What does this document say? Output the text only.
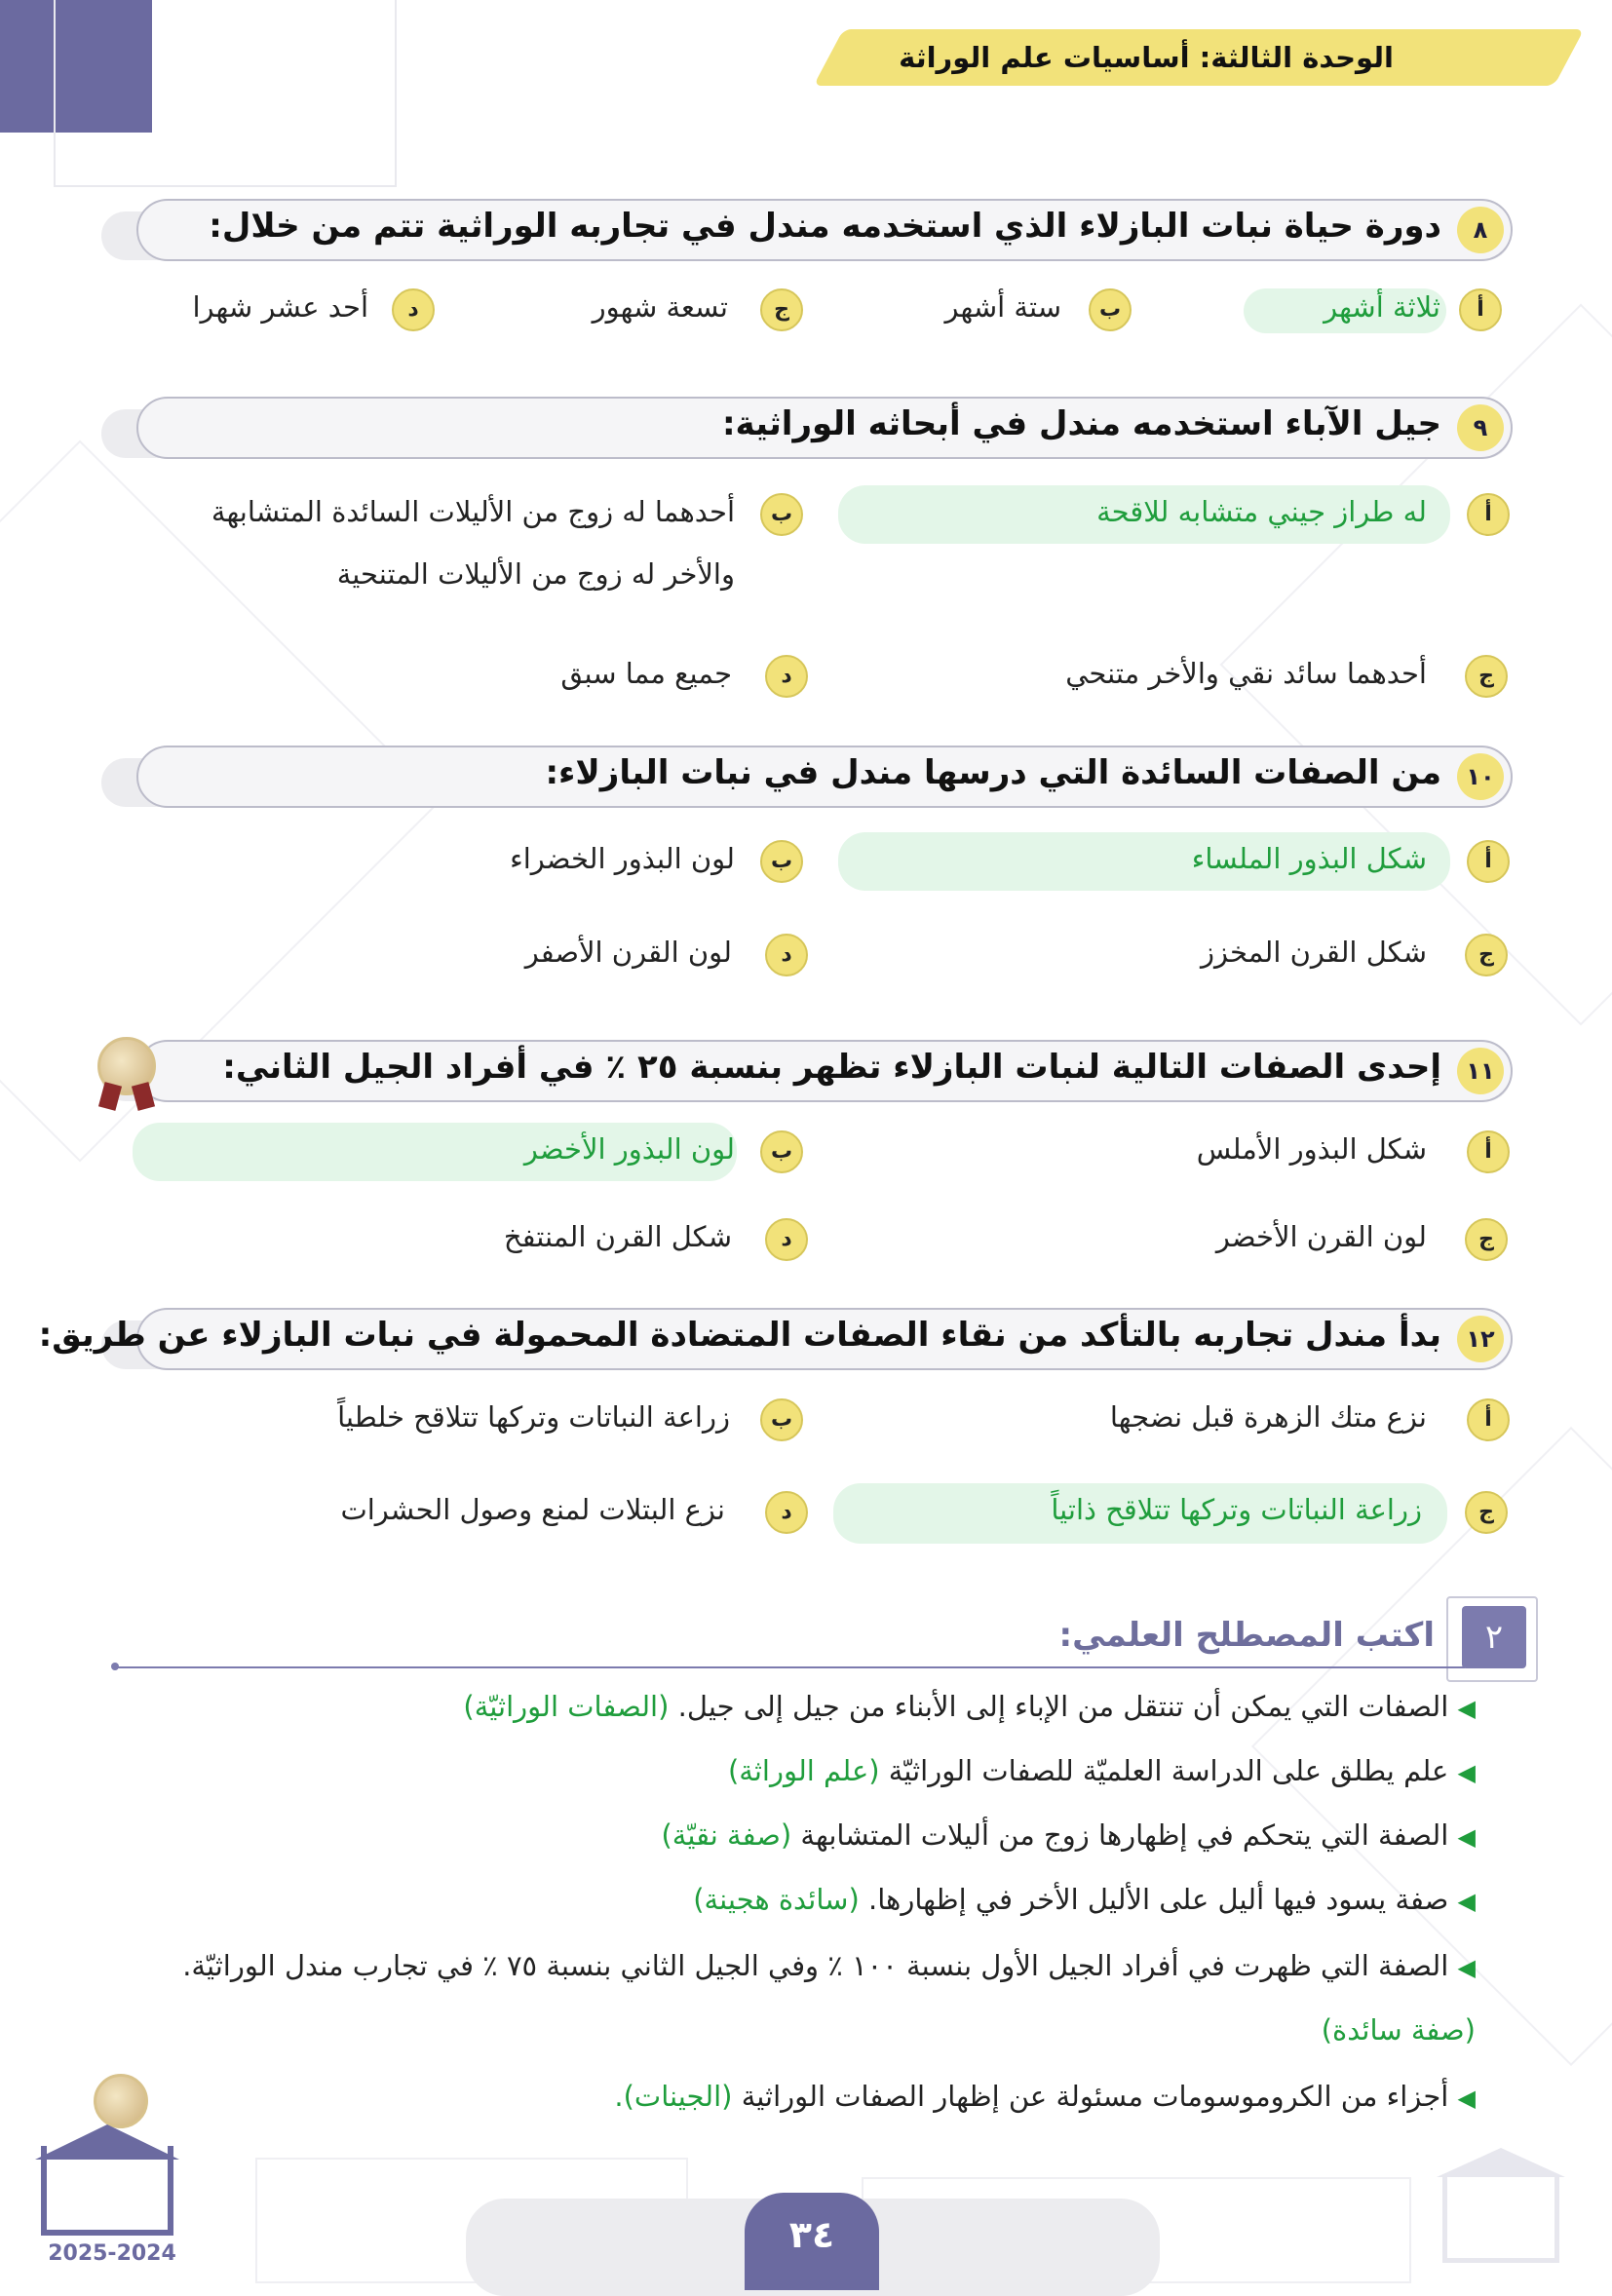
الوحدة الثالثة: أساسيات علم الوراثة
٨
دورة حياة نبات البازلاء الذي استخدمه مندل في تجاربه الوراثية تتم من خلال:
أ
ثلاثة أشهر
ب
ستة أشهر
ج
تسعة شهور
د
أحد عشر شهرا
٩
جيل الآباء استخدمه مندل في أبحاثه الوراثية:
أ
له طراز جيني متشابه للاقحة
ب
أحدهما له زوج من الأليلات السائدة المتشابهة
والأخر له زوج من الأليلات المتنحية
ج
أحدهما سائد نقي والأخر متنحي
د
جميع مما سبق
١٠
من الصفات السائدة التي درسها مندل في نبات البازلاء:
أ
شكل البذور الملساء
ب
لون البذور الخضراء
ج
شكل القرن المخزز
د
لون القرن الأصفر
١١
إحدى الصفات التالية لنبات البازلاء تظهر بنسبة ٢٥ ٪ في أفراد الجيل الثاني:
أ
شكل البذور الأملس
ب
لون البذور الأخضر
ج
لون القرن الأخضر
د
شكل القرن المنتفخ
١٢
بدأ مندل تجاربه بالتأكد من نقاء الصفات المتضادة المحمولة في نبات البازلاء عن طريق:
أ
نزع متك الزهرة قبل نضجها
ب
زراعة النباتات وتركها تتلاقح خلطياً
ج
زراعة النباتات وتركها تتلاقح ذاتياً
د
نزع البتلات لمنع وصول الحشرات
٢
اكتب المصطلح العلمي:
◀ الصفات التي يمكن أن تنتقل من الإباء إلى الأبناء من جيل إلى جيل. (الصفات الوراثيّة)
◀ علم يطلق على الدراسة العلميّة للصفات الوراثيّة (علم الوراثة)
◀ الصفة التي يتحكم في إظهارها زوج من أليلات المتشابهة (صفة نقيّة)
◀ صفة يسود فيها أليل على الأليل الأخر في إظهارها. (سائدة هجينة)
◀ الصفة التي ظهرت في أفراد الجيل الأول بنسبة ١٠٠ ٪ وفي الجيل الثاني بنسبة ٧٥ ٪ في تجارب مندل الوراثيّة.
(صفة سائدة)
◀ أجزاء من الكروموسومات مسئولة عن إظهار الصفات الوراثية (الجينات).
٣٤
2025-2024
